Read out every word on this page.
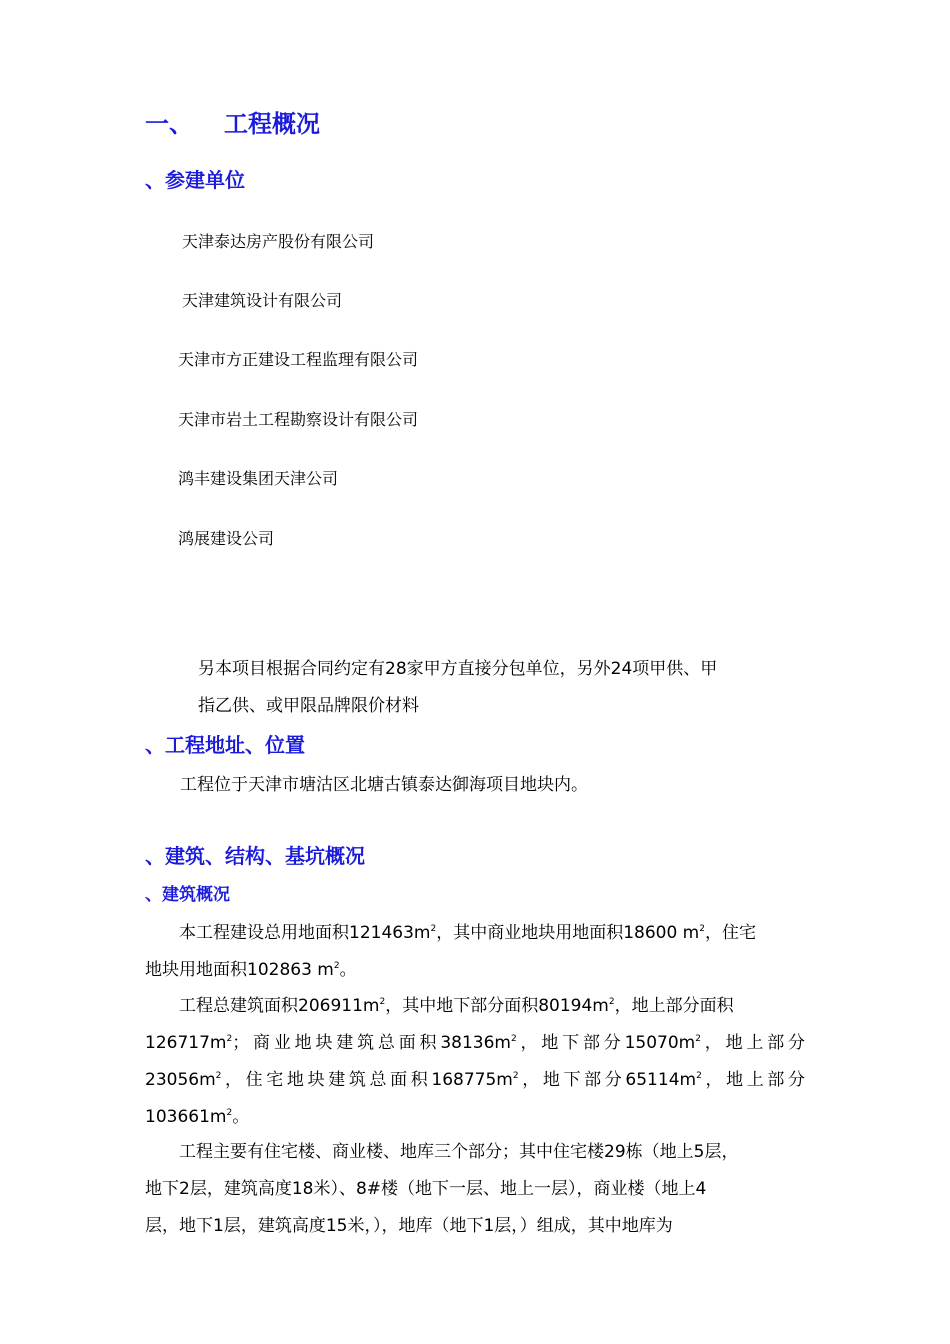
一、 工程概况
、参建单位
天津泰达房产股份有限公司
天津建筑设计有限公司
天津市方正建设工程监理有限公司
天津市岩土工程勘察设计有限公司
鸿丰建设集团天津公司
鸿展建设公司
另本项目根据合同约定有28家甲方直接分包单位，另外24项甲供、甲
指乙供、或甲限品牌限价材料
、工程地址、位置
工程位于天津市塘沽区北塘古镇泰达御海项目地块内。
、建筑、结构、基坑概况
、建筑概况

本工程建设总用地面积$121463m^2$，其中商业地块用地面积18600 $m^2$，住宅

地块用地面积102863 $m^2$。

工程总建筑面积$206911m^2$，其中地下部分面积$80194m^2$，地上部分面积

$126717m^2$；商业地块建筑总面积$38136m^2$，地下部分$15070m^2$，地上部分

$23056m^2$，住宅地块建筑总面积$168775m^2$，地下部分$65114m^2$，地上部分

$103661m^2$。

工程主要有住宅楼、商业楼、地库三个部分；其中住宅楼29栋（地上5层，

地下2层，建筑高度18米）、8#楼（地下一层、地上一层），商业楼（地上4

层，地下1层，建筑高度15米，），地库（地下1层，）组成，其中地库为
